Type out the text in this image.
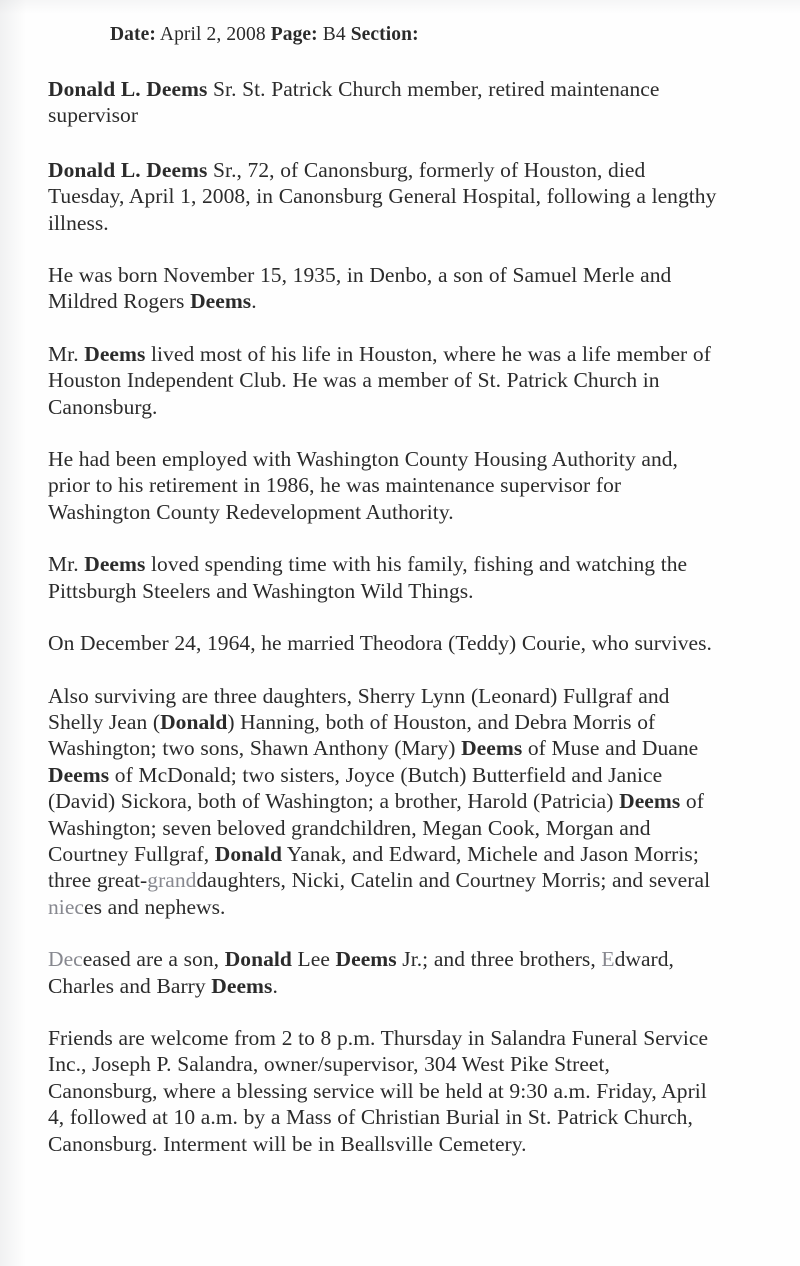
Date: April 2, 2008 Page: B4 Section:

Donald L. Deems Sr. St. Patrick Church member, retired maintenance supervisor

Donald L. Deems Sr., 72, of Canonsburg, formerly of Houston, died Tuesday, April 1, 2008, in Canonsburg General Hospital, following a lengthy illness.

He was born November 15, 1935, in Denbo, a son of Samuel Merle and Mildred Rogers Deems.

Mr. Deems lived most of his life in Houston, where he was a life member of Houston Independent Club. He was a member of St. Patrick Church in Canonsburg.

He had been employed with Washington County Housing Authority and, prior to his retirement in 1986, he was maintenance supervisor for Washington County Redevelopment Authority.

Mr. Deems loved spending time with his family, fishing and watching the Pittsburgh Steelers and Washington Wild Things.

On December 24, 1964, he married Theodora (Teddy) Courie, who survives.

Also surviving are three daughters, Sherry Lynn (Leonard) Fullgraf and Shelly Jean (Donald) Hanning, both of Houston, and Debra Morris of Washington; two sons, Shawn Anthony (Mary) Deems of Muse and Duane Deems of McDonald; two sisters, Joyce (Butch) Butterfield and Janice (David) Sickora, both of Washington; a brother, Harold (Patricia) Deems of Washington; seven beloved grandchildren, Megan Cook, Morgan and Courtney Fullgraf, Donald Yanak, and Edward, Michele and Jason Morris; three great-granddaughters, Nicki, Catelin and Courtney Morris; and several nieces and nephews.

Deceased are a son, Donald Lee Deems Jr.; and three brothers, Edward, Charles and Barry Deems.

Friends are welcome from 2 to 8 p.m. Thursday in Salandra Funeral Service Inc., Joseph P. Salandra, owner/supervisor, 304 West Pike Street, Canonsburg, where a blessing service will be held at 9:30 a.m. Friday, April 4, followed at 10 a.m. by a Mass of Christian Burial in St. Patrick Church, Canonsburg. Interment will be in Beallsville Cemetery.
